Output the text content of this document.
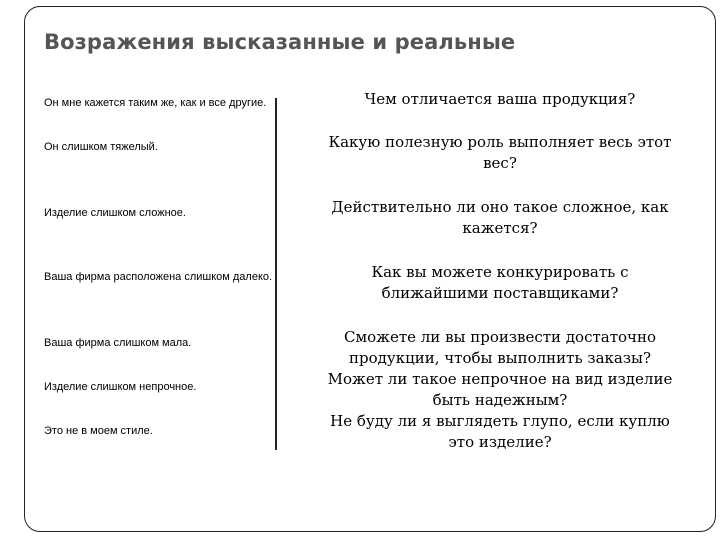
Возражения высказанные и реальные
Он мне кажется таким же, как и все другие.
Он слишком тяжелый.
Изделие слишком сложное.
Ваша фирма расположена слишком далеко.
Ваша фирма слишком мала.
Изделие слишком непрочное.
Это не в моем стиле.
Чем отличается ваша продукция?
Какую полезную роль выполняет весь этот
вес?
Действительно ли оно такое сложное, как
кажется?
Как вы можете конкурировать с
ближайшими поставщиками?
Сможете ли вы произвести достаточно
продукции, чтобы выполнить заказы?
Может ли такое непрочное на вид изделие
быть надежным?
Не буду ли я выглядеть глупо, если куплю
это изделие?
